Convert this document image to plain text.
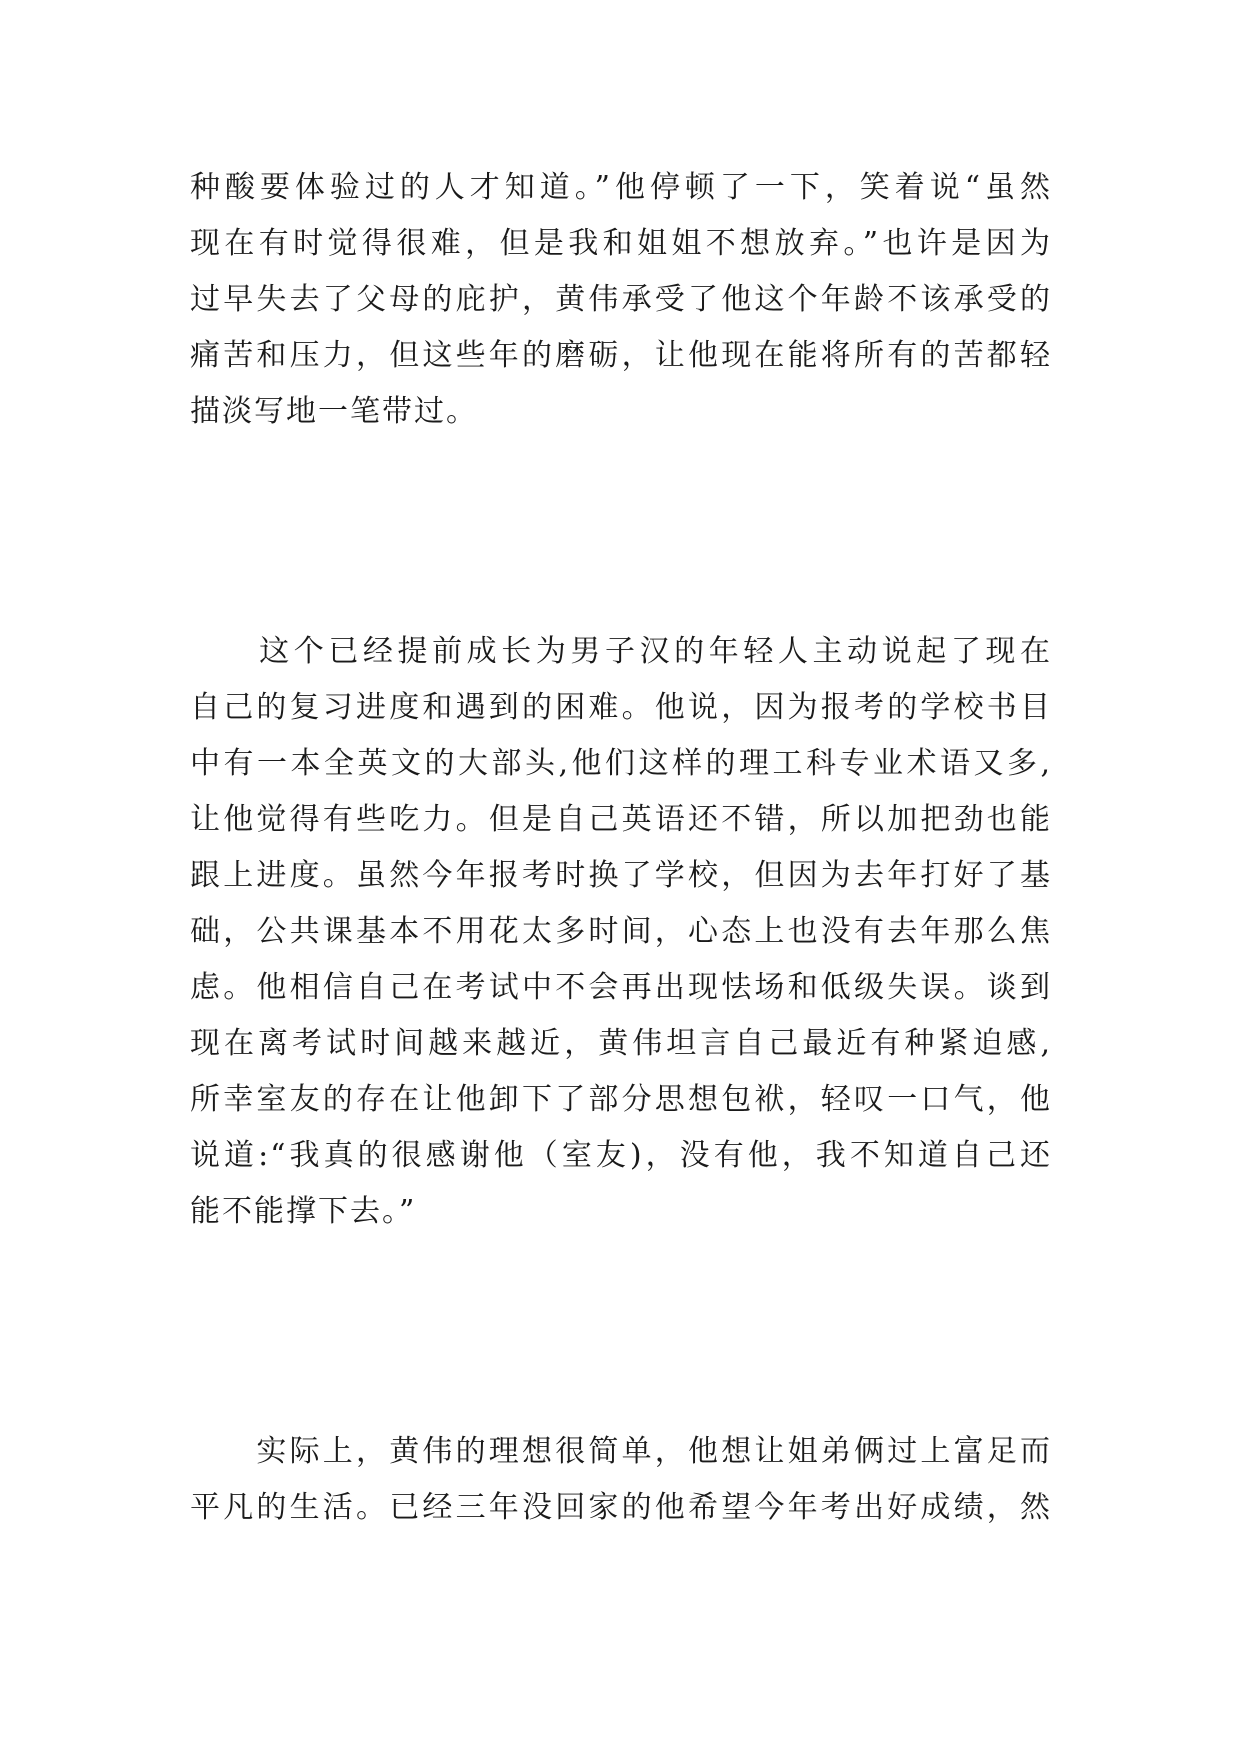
种酸要体验过的人才知道。”他停顿了一下，笑着说“虽然
现在有时觉得很难，但是我和姐姐不想放弃。”也许是因为
过早失去了父母的庇护，黄伟承受了他这个年龄不该承受的
痛苦和压力，但这些年的磨砺，让他现在能将所有的苦都轻
描淡写地一笔带过。
　　这个已经提前成长为男子汉的年轻人主动说起了现在
自己的复习进度和遇到的困难。他说，因为报考的学校书目
中有一本全英文的大部头,他们这样的理工科专业术语又多,
让他觉得有些吃力。但是自己英语还不错，所以加把劲也能
跟上进度。虽然今年报考时换了学校，但因为去年打好了基
础，公共课基本不用花太多时间，心态上也没有去年那么焦
虑。他相信自己在考试中不会再出现怯场和低级失误。谈到
现在离考试时间越来越近，黄伟坦言自己最近有种紧迫感,
所幸室友的存在让他卸下了部分思想包袱，轻叹一口气，他
说道:“我真的很感谢他（室友)，没有他，我不知道自己还
能不能撑下去。”
　　实际上，黄伟的理想很简单，他想让姐弟俩过上富足而
平凡的生活。已经三年没回家的他希望今年考出好成绩，然
